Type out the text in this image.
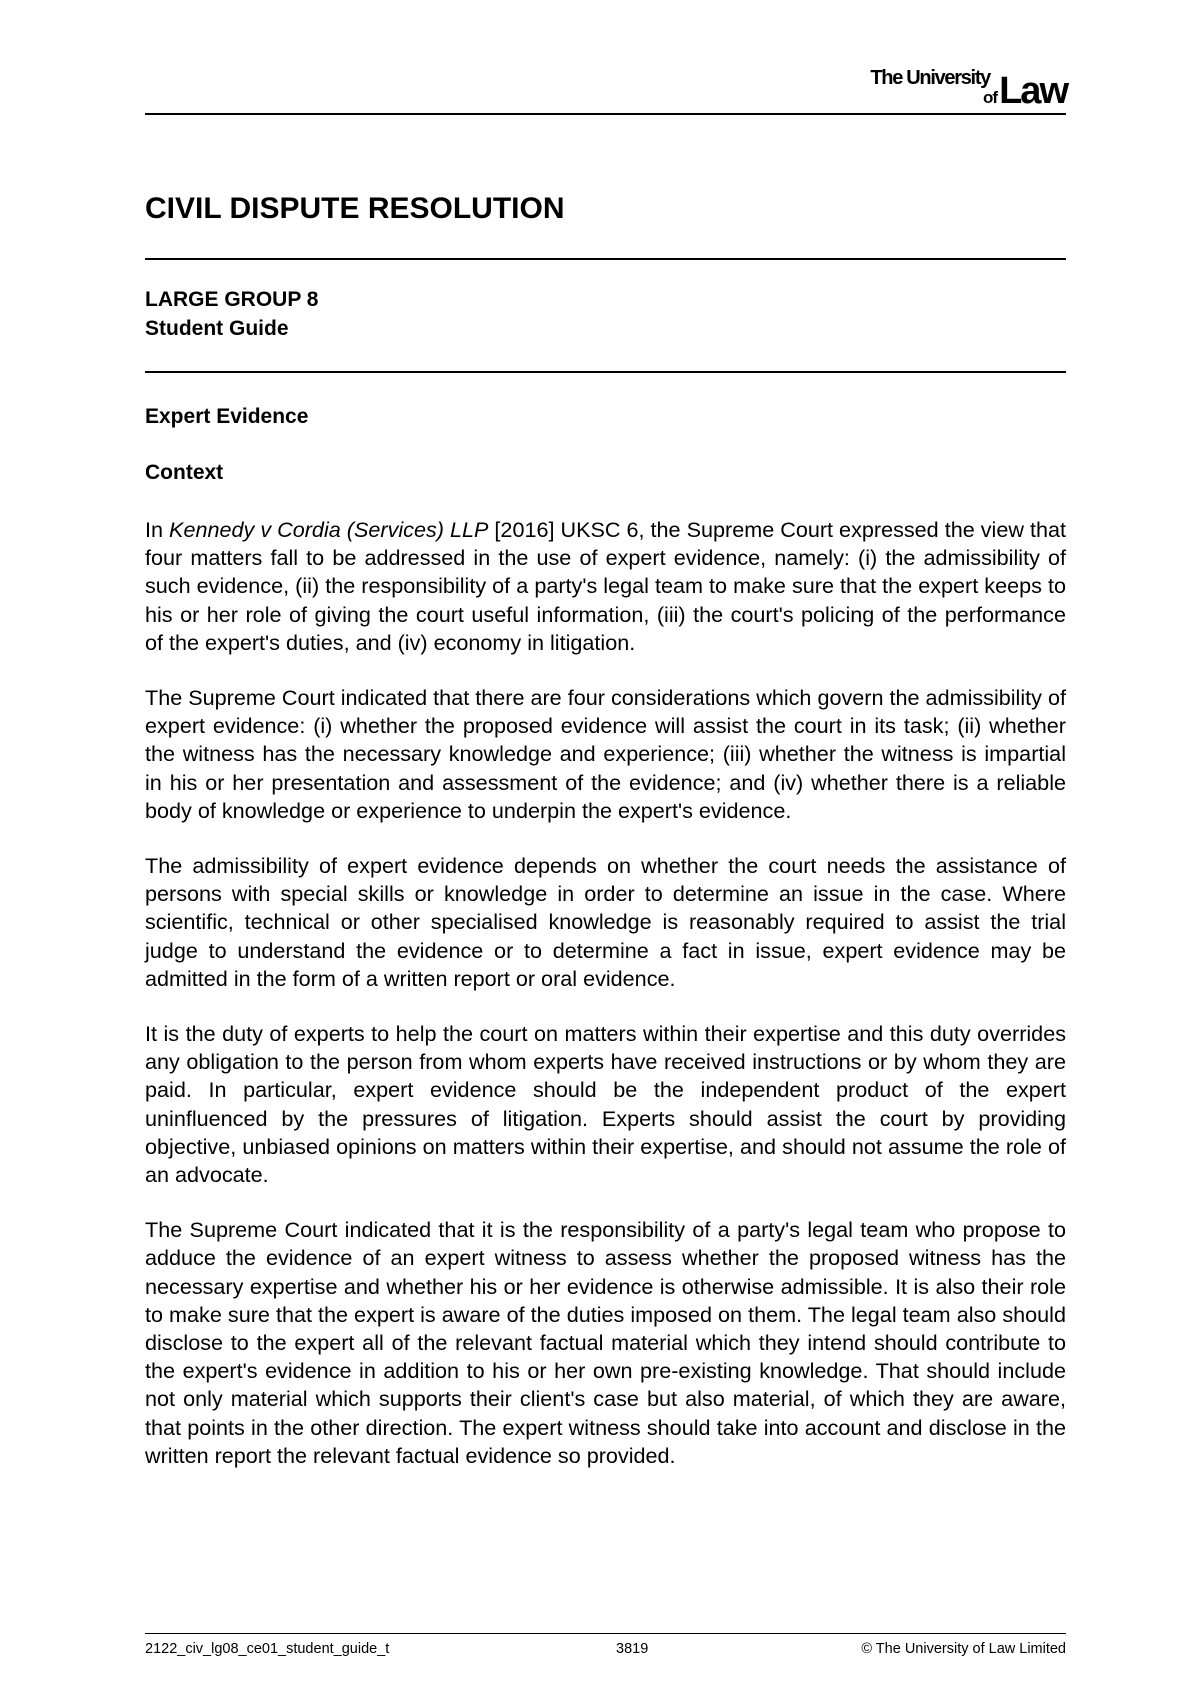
The University
of Law
CIVIL DISPUTE RESOLUTION
LARGE GROUP 8
Student Guide
Expert Evidence
Context

In Kennedy v Cordia (Services) LLP [2016] UKSC 6, the Supreme Court expressed the view that four matters fall to be addressed in the use of expert evidence, namely: (i) the admissibility of such evidence, (ii) the responsibility of a party's legal team to make sure that the expert keeps to his or her role of giving the court useful information, (iii) the court's policing of the performance of the expert's duties, and (iv) economy in litigation.

The Supreme Court indicated that there are four considerations which govern the admissibility of expert evidence: (i) whether the proposed evidence will assist the court in its task; (ii) whether the witness has the necessary knowledge and experience; (iii) whether the witness is impartial in his or her presentation and assessment of the evidence; and (iv) whether there is a reliable body of knowledge or experience to underpin the expert's evidence.

The admissibility of expert evidence depends on whether the court needs the assistance of persons with special skills or knowledge in order to determine an issue in the case. Where scientific, technical or other specialised knowledge is reasonably required to assist the trial judge to understand the evidence or to determine a fact in issue, expert evidence may be admitted in the form of a written report or oral evidence.

It is the duty of experts to help the court on matters within their expertise and this duty overrides any obligation to the person from whom experts have received instructions or by whom they are paid. In particular, expert evidence should be the independent product of the expert uninfluenced by the pressures of litigation. Experts should assist the court by providing objective, unbiased opinions on matters within their expertise, and should not assume the role of an advocate.

The Supreme Court indicated that it is the responsibility of a party's legal team who propose to adduce the evidence of an expert witness to assess whether the proposed witness has the necessary expertise and whether his or her evidence is otherwise admissible. It is also their role to make sure that the expert is aware of the duties imposed on them. The legal team also should disclose to the expert all of the relevant factual material which they intend should contribute to the expert's evidence in addition to his or her own pre-existing knowledge. That should include not only material which supports their client's case but also material, of which they are aware, that points in the other direction. The expert witness should take into account and disclose in the written report the relevant factual evidence so provided.

2122_civ_lg08_ce01_student_guide_t	3819	© The University of Law Limited
